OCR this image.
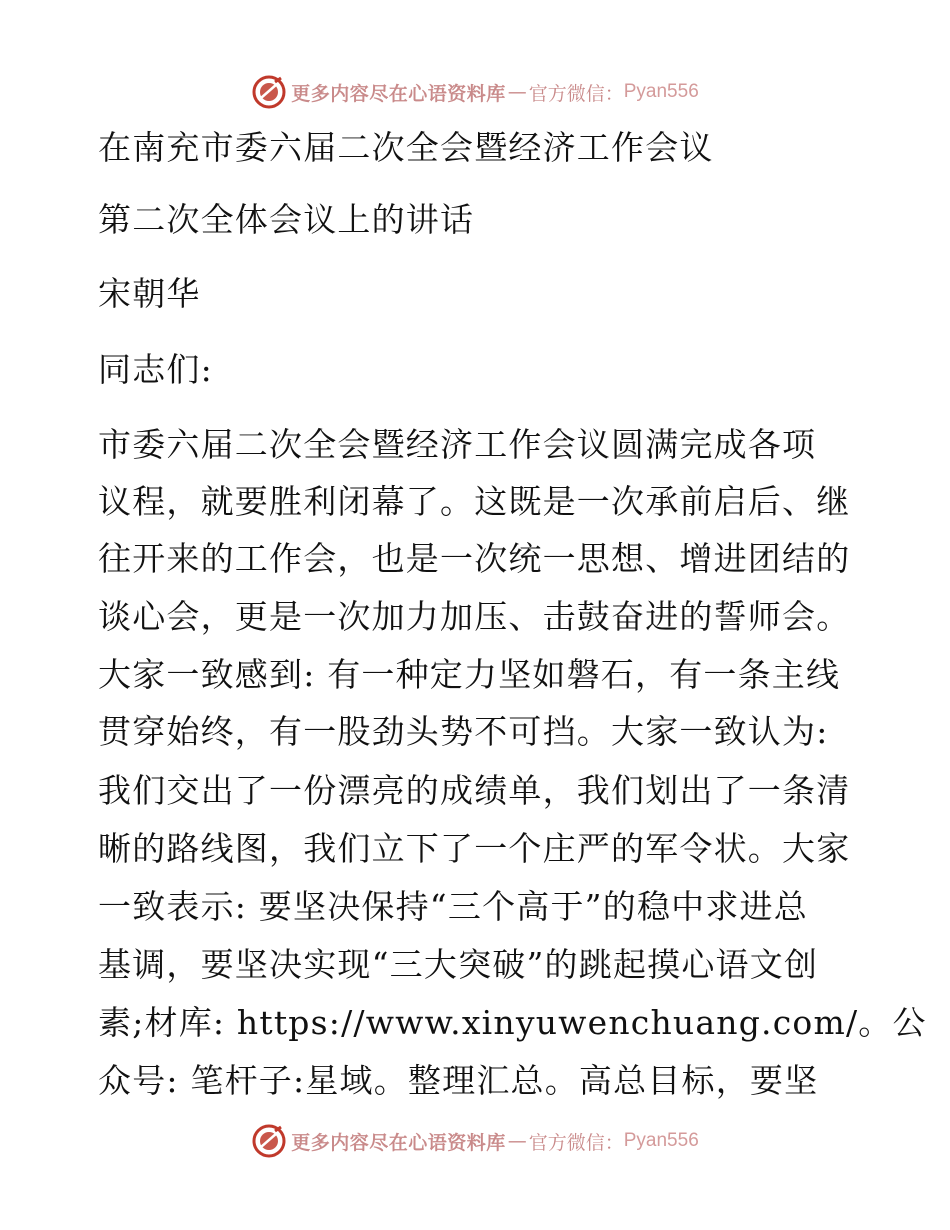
更多内容尽在心语资料库 — 官方微信： Pyan556
在南充市委六届二次全会暨经济工作会议
第二次全体会议上的讲话
宋朝华
同志们:
市委六届二次全会暨经济工作会议圆满完成各项
议程，就要胜利闭幕了。这既是一次承前启后、继
往开来的工作会，也是一次统一思想、增进团结的
谈心会，更是一次加力加压、击鼓奋进的誓师会。
大家一致感到: 有一种定力坚如磐石，有一条主线
贯穿始终，有一股劲头势不可挡。大家一致认为:
我们交出了一份漂亮的成绩单，我们划出了一条清
晰的路线图，我们立下了一个庄严的军令状。大家
一致表示: 要坚决保持“三个高于”的稳中求进总
基调，要坚决实现“三大突破”的跳起摸心语文创
素;材库: https://www.xinyuwenchuang.com/。公
众号: 笔杆子:星域。整理汇总。高总目标，要坚
更多内容尽在心语资料库 — 官方微信： Pyan556
